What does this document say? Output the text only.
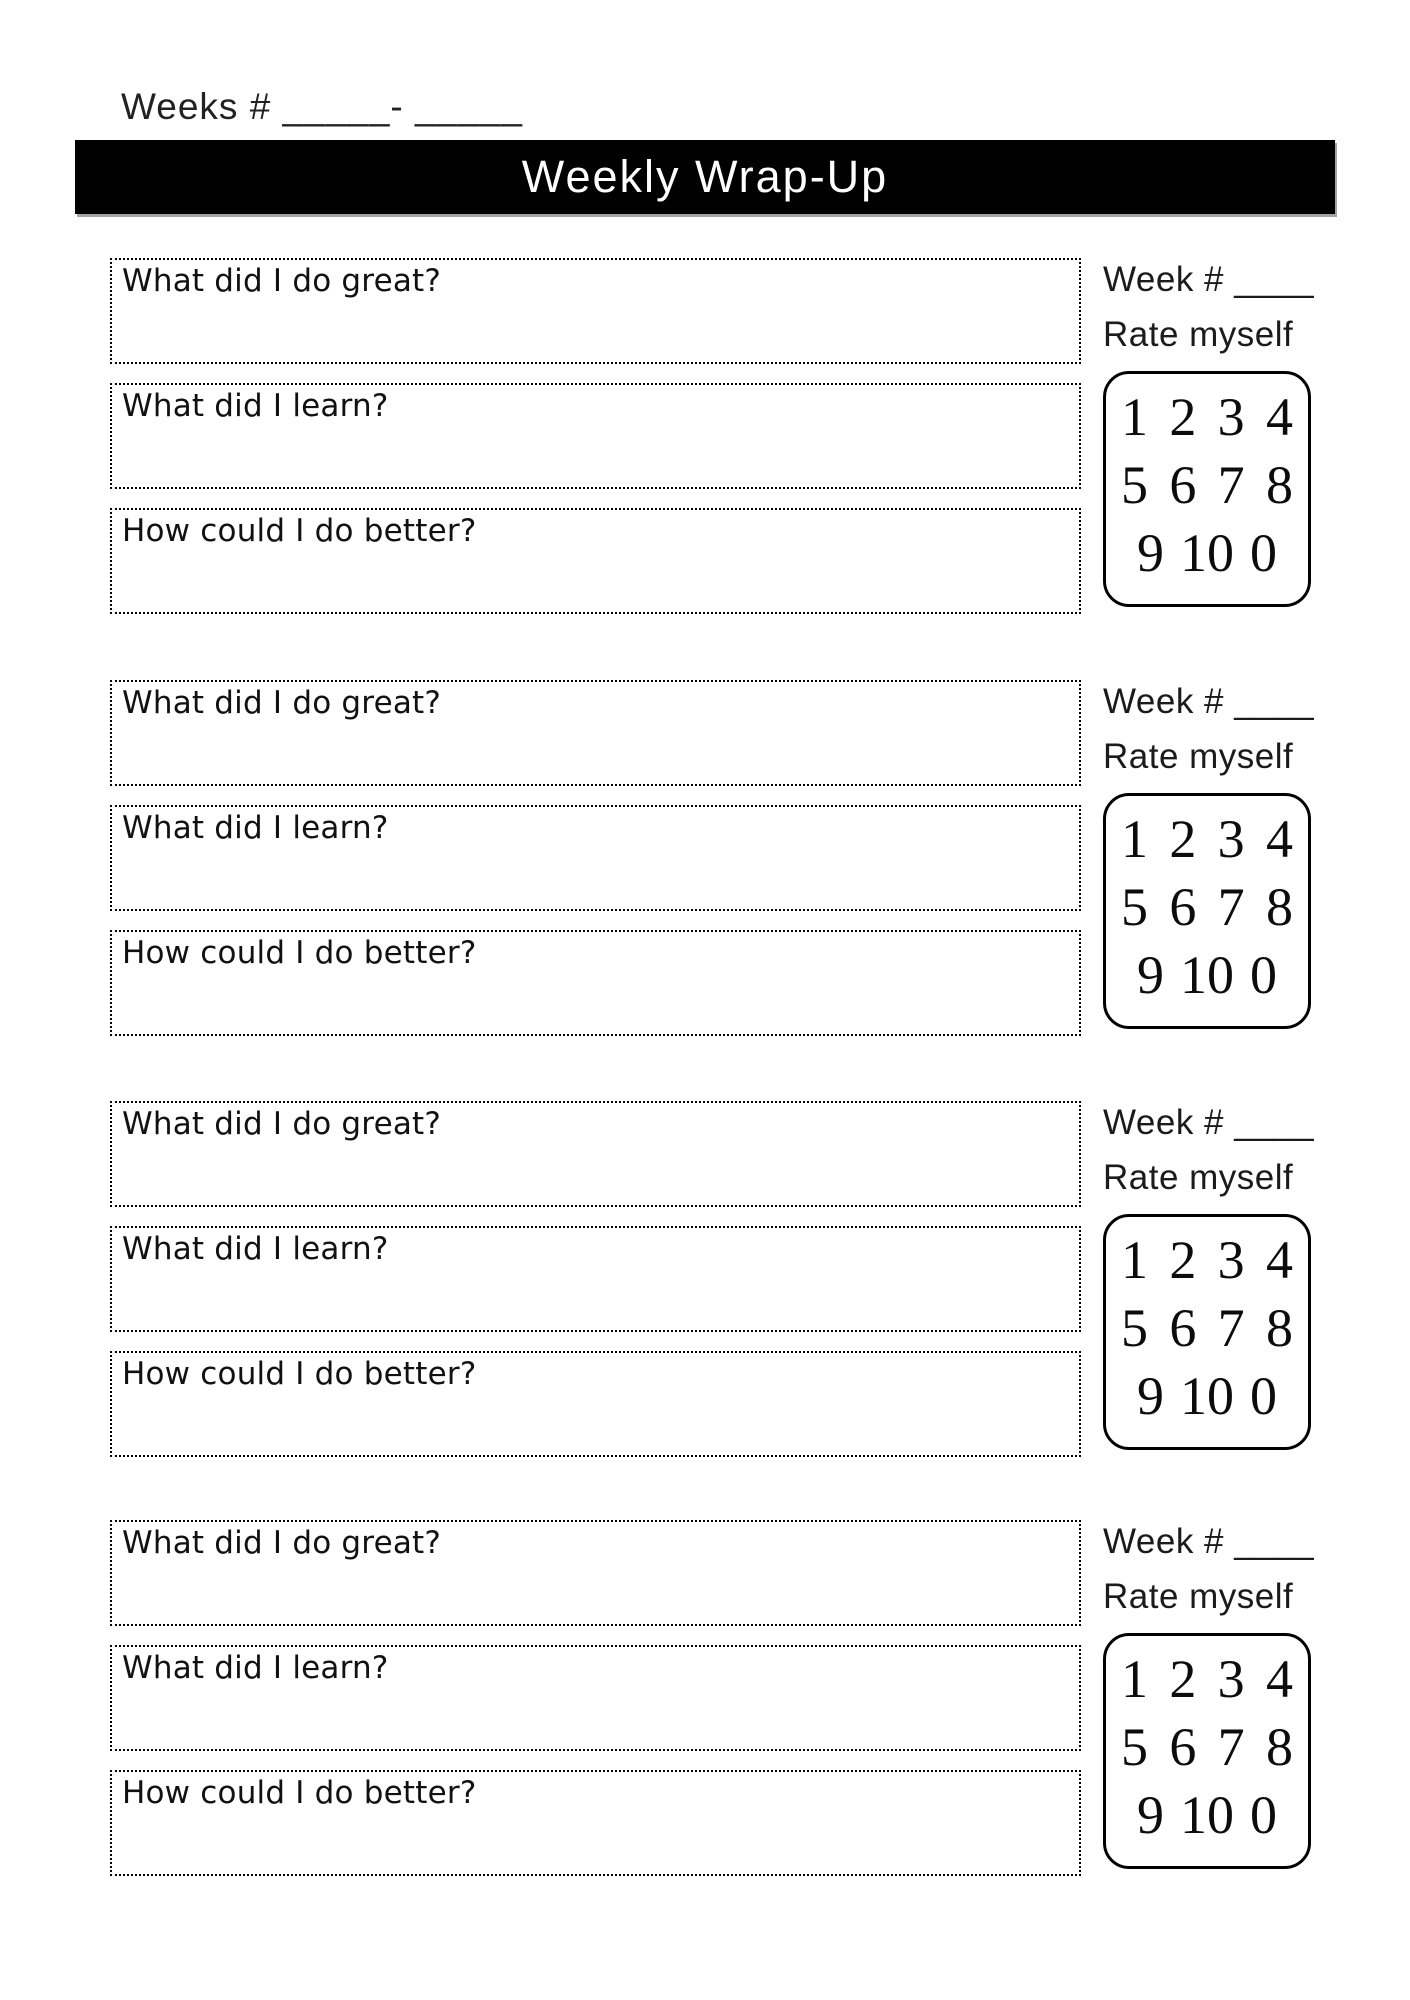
Weeks # _____- _____
Weekly Wrap-Up
What did I do great?
What did I learn?
How could I do better?
Week # ____
Rate myself
1 2 3 4
5 6 7 8
9 10 0
What did I do great?
What did I learn?
How could I do better?
Week # ____
Rate myself
1 2 3 4
5 6 7 8
9 10 0
What did I do great?
What did I learn?
How could I do better?
Week # ____
Rate myself
1 2 3 4
5 6 7 8
9 10 0
What did I do great?
What did I learn?
How could I do better?
Week # ____
Rate myself
1 2 3 4
5 6 7 8
9 10 0
